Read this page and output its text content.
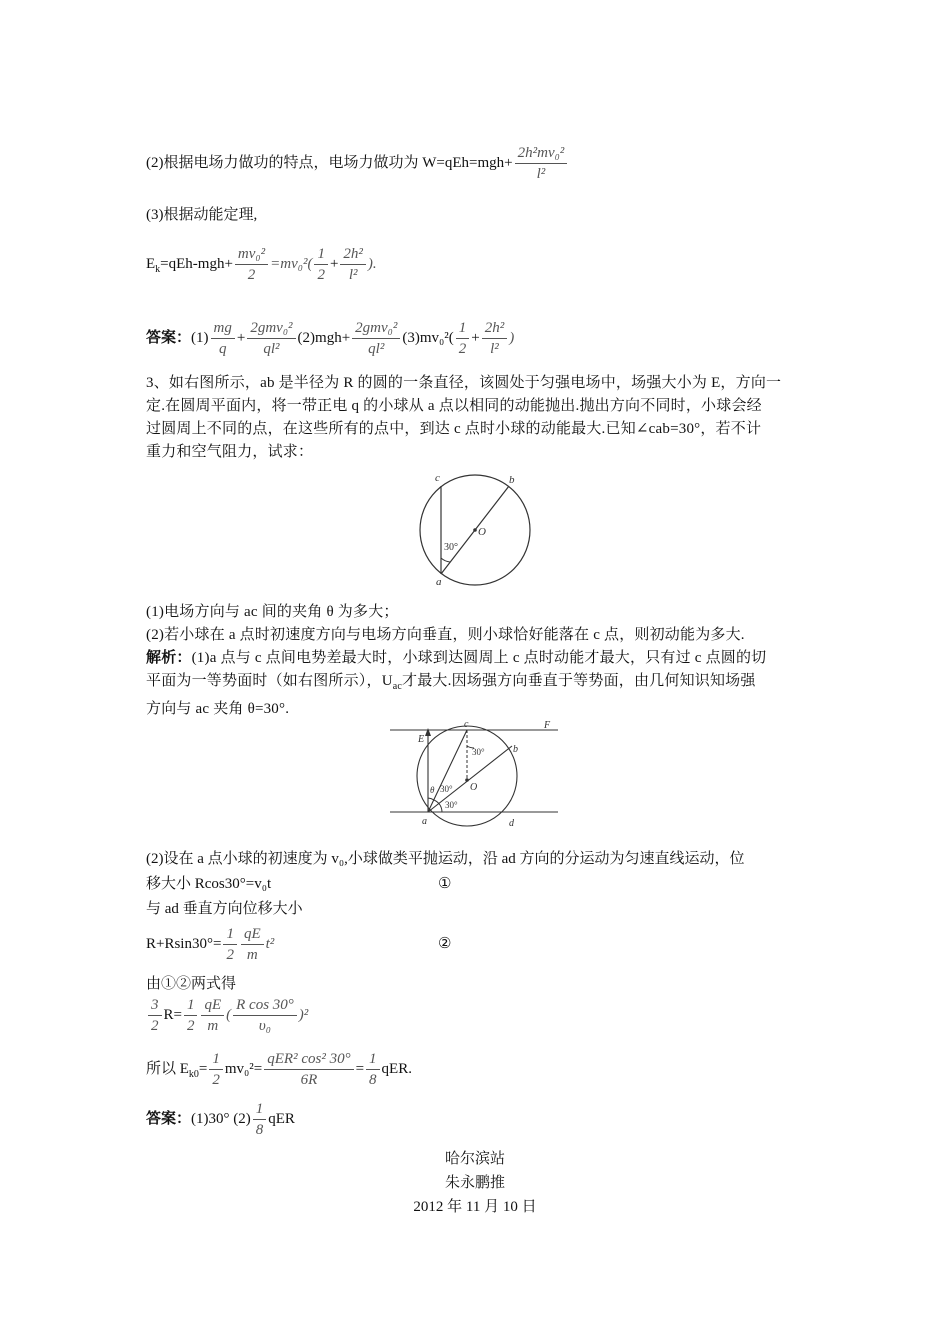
(2)根据电场力做功的特点，电场力做功为 $W=qEh=mgh+ \frac{\text{2h²mv₀²}}{\text{l²}}$
(3)根据动能定理,
$E_k=qEh-mgh+ \frac{\text{mv₀²}}{2} =mv_0^2( \frac{1}{2} + \frac{\text{2h²}}{\text{l²}}$ ).
答案：$(1) \frac{mg}{q} + \frac{\text{2gmv₀²}}{\text{ql²}} (2)mgh+ \frac{\text{2gmv₀²}}{\text{ql²}} (3)mv_0^2( \frac{1}{2} + \frac{\text{2h²}}{\text{l²}}$ )
3、如右图所示，ab 是半径为 R 的圆的一条直径，该圆处于匀强电场中，场强大小为 E，方向一
定.在圆周平面内，将一带正电 q 的小球从 a 点以相同的动能抛出.抛出方向不同时，小球会经
过圆周上不同的点，在这些所有的点中，到达 c 点时小球的动能最大.已知∠cab=30°，若不计
重力和空气阻力，试求：
c	b
O
a
30°
(1)电场方向与 ac 间的夹角 θ 为多大；
(2)若小球在 a 点时初速度方向与电场方向垂直，则小球恰好能落在 c 点，则初动能为多大.
解析：(1)a 点与 c 点间电势差最大时，小球到达圆周上 c 点时动能才最大，只有过 c 点圆的切
平面为一等势面时（如右图所示），$U_{ac}$才最大.因场强方向垂直于等势面，由几何知识知场强
方向与 ac 夹角 θ=30°.
c	F
E
b
O
30°
θ 30°
30°
a	d
(2)设在 a 点小球的初速度为 v₀,小球做类平抛运动，沿 ad 方向的分运动为匀速直线运动，位
移大小 Rcos30°=v₀t	①
与 ad 垂直方向位移大小
$R+Rsin30^\circ= \frac{1}{2} \frac{qE}{m} t^2$	②
由①②两式得
$\frac{3}{2} R= \frac{1}{2} \frac{qE}{m}$ ( $\frac{\text{R cos 30°}}{\text{υ₀}} )^2$
所以 $E_{k0}= \frac{1}{2} mv_0^2= \frac{\text{qER² cos² 30°}}{6R} = \frac{1}{8}$ qER.
答案：(1)30° $(2) \frac{1}{8}$ qER
哈尔滨站
朱永鹏推
2012 年 11 月 10 日
